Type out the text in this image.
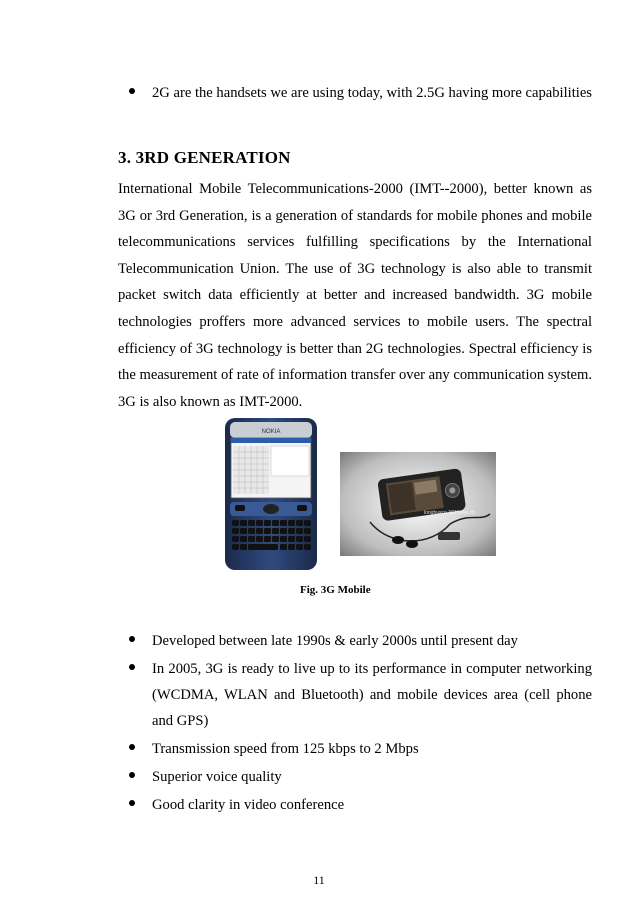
2G are the handsets we are using today, with 2.5G having more capabilities
3. 3RD GENERATION

International Mobile Telecommunications-2000 (IMT--2000), better known as 3G or 3rd Generation, is a generation of standards for mobile phones and mobile telecommunications services fulfilling specifications by the International Telecommunication Union. The use of 3G technology is also able to transmit packet switch data efficiently at better and increased bandwidth. 3G mobile technologies proffers more advanced services to mobile users. The spectral efficiency of 3G technology is better than 2G technologies. Spectral efficiency is the measurement of rate of information transfer over any communication system. 3G is also known as IMT-2000.

NOKIA
longhusco.3GHome.ch
Fig. 3G Mobile
Developed between late 1990s & early 2000s until present day
In 2005, 3G is ready to live up to its performance in computer networking (WCDMA, WLAN and Bluetooth) and mobile devices area (cell phone and GPS)
Transmission speed from 125 kbps to 2 Mbps
Superior voice quality
Good clarity in video conference
11
